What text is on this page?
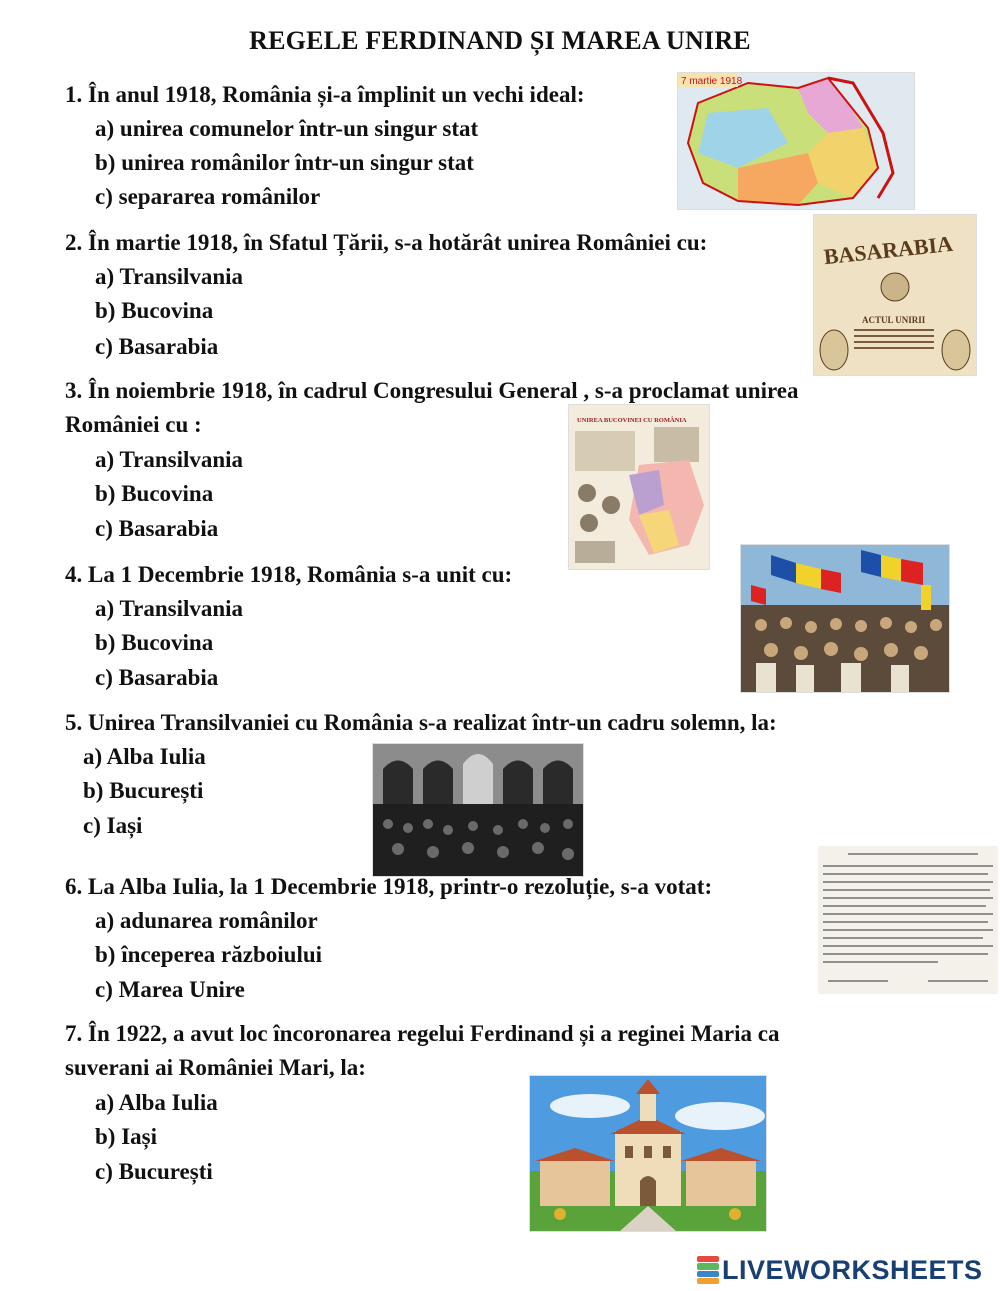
REGELE FERDINAND ȘI MAREA UNIRE
1. În anul 1918, România și-a împlinit un vechi ideal:
a) unirea comunelor într-un singur stat
b) unirea românilor într-un singur stat
c) separarea românilor
7 martie 1918
2. În martie 1918, în Sfatul Țării, s-a hotărât unirea României cu:
a) Transilvania
b) Bucovina
c) Basarabia
BASARABIA
ACTUL UNIRII
3. În noiembrie 1918, în cadrul Congresului General , s-a proclamat unirea
României cu :
a) Transilvania
b) Bucovina
c) Basarabia
UNIREA BUCOVINEI CU ROMÂNIA
4. La 1 Decembrie 1918, România s-a unit cu:
a) Transilvania
b) Bucovina
c) Basarabia
5. Unirea Transilvaniei cu România s-a realizat într-un cadru solemn, la:
a) Alba Iulia
b) București
c) Iași
6. La Alba Iulia, la 1 Decembrie 1918, printr-o rezoluție, s-a votat:
a) adunarea românilor
b) începerea războiului
c) Marea Unire
7. În 1922, a avut loc încoronarea regelui Ferdinand și a reginei Maria ca
suverani ai României Mari, la:
a) Alba Iulia
b) Iași
c) București
LIVEWORKSHEETS
